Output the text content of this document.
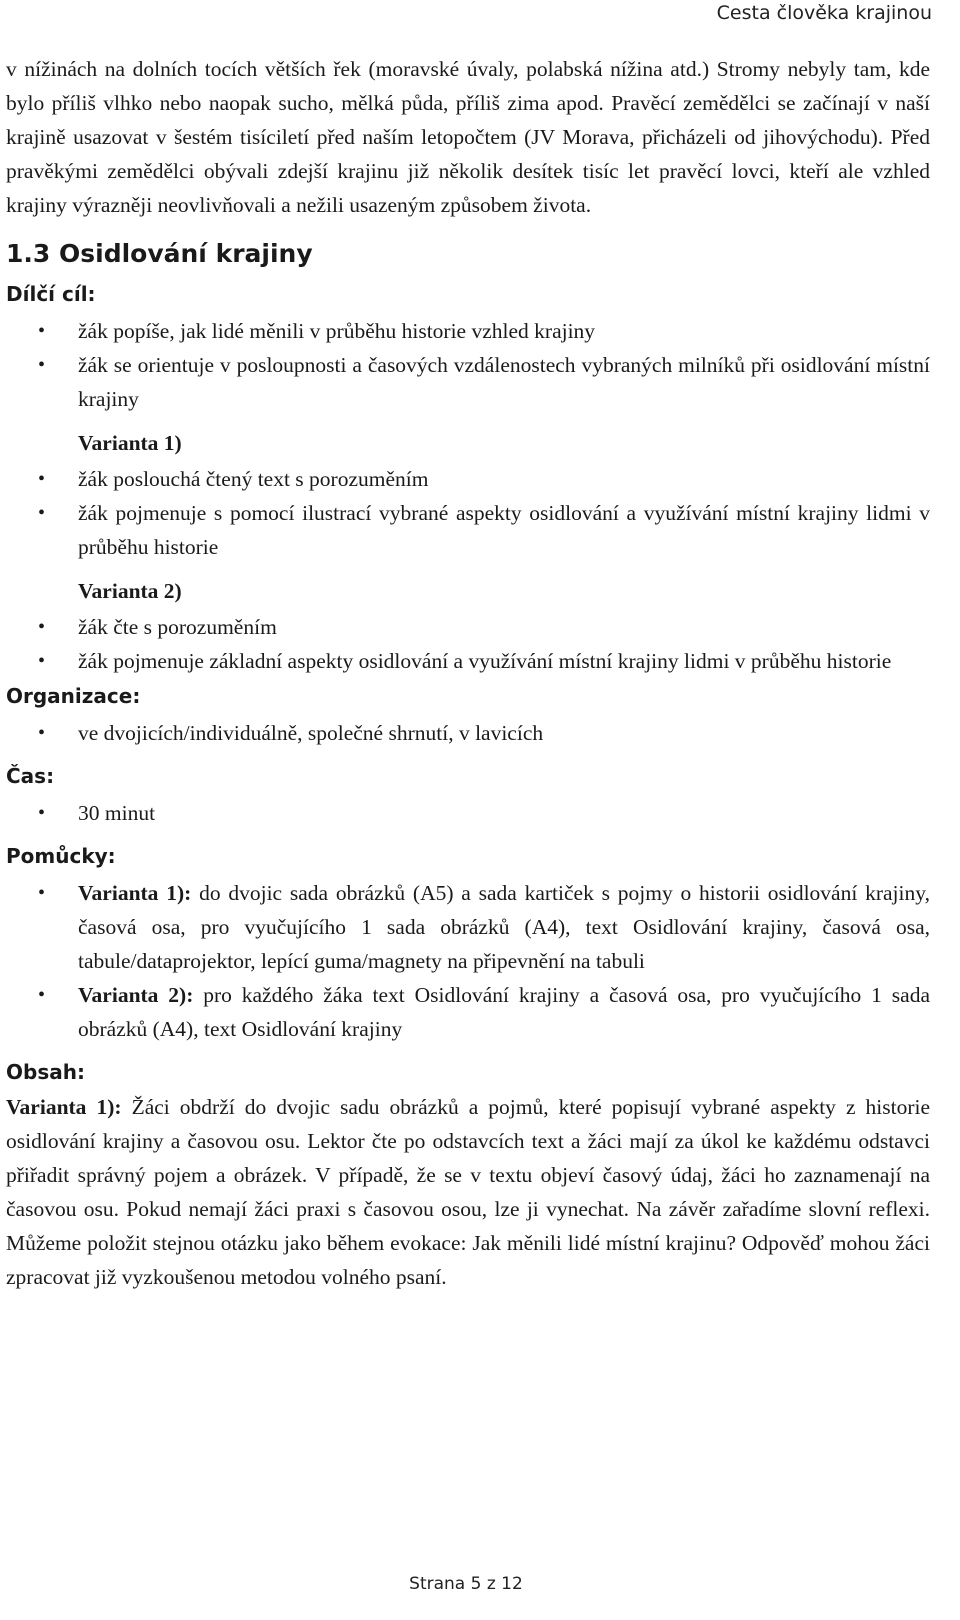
Cesta člověka krajinou

v nížinách na dolních tocích větších řek (moravské úvaly, polabská nížina atd.) Stromy nebyly tam, kde bylo příliš vlhko nebo naopak sucho, mělká půda, příliš zima apod. Pravěcí zemědělci se začínají v naší krajině usazovat v šestém tisíciletí před naším letopočtem (JV Morava, přicházeli od jihovýchodu). Před pravěkými zemědělci obývali zdejší krajinu již několik desítek tisíc let pravěcí lovci, kteří ale vzhled krajiny výrazněji neovlivňovali a nežili usazeným způsobem života.

1.3 Osidlování krajiny
Dílčí cíl:
• žák popíše, jak lidé měnili v průběhu historie vzhled krajiny
• žák se orientuje v posloupnosti a časových vzdálenostech vybraných milníků při osidlování místní krajiny
Varianta 1)
• žák poslouchá čtený text s porozuměním
• žák pojmenuje s pomocí ilustrací vybrané aspekty osidlování a využívání místní krajiny lidmi v průběhu historie
Varianta 2)
• žák čte s porozuměním
• žák pojmenuje základní aspekty osidlování a využívání místní krajiny lidmi v průběhu historie
Organizace:
• ve dvojicích/individuálně, společné shrnutí, v lavicích
Čas:
• 30 minut
Pomůcky:
• Varianta 1): do dvojic sada obrázků (A5) a sada kartiček s pojmy o historii osidlování krajiny, časová osa, pro vyučujícího 1 sada obrázků (A4), text Osidlování krajiny, časová osa, tabule/dataprojektor, lepící guma/magnety na připevnění na tabuli
• Varianta 2): pro každého žáka text Osidlování krajiny a časová osa, pro vyučujícího 1 sada obrázků (A4), text Osidlování krajiny
Obsah:

Varianta 1): Žáci obdrží do dvojic sadu obrázků a pojmů, které popisují vybrané aspekty z historie osidlování krajiny a časovou osu. Lektor čte po odstavcích text a žáci mají za úkol ke každému odstavci přiřadit správný pojem a obrázek. V případě, že se v textu objeví časový údaj, žáci ho zaznamenají na časovou osu. Pokud nemají žáci praxi s časovou osou, lze ji vynechat. Na závěr zařadíme slovní reflexi. Můžeme položit stejnou otázku jako během evokace: Jak měnili lidé místní krajinu? Odpověď mohou žáci zpracovat již vyzkoušenou metodou volného psaní.

Strana 5 z 12
